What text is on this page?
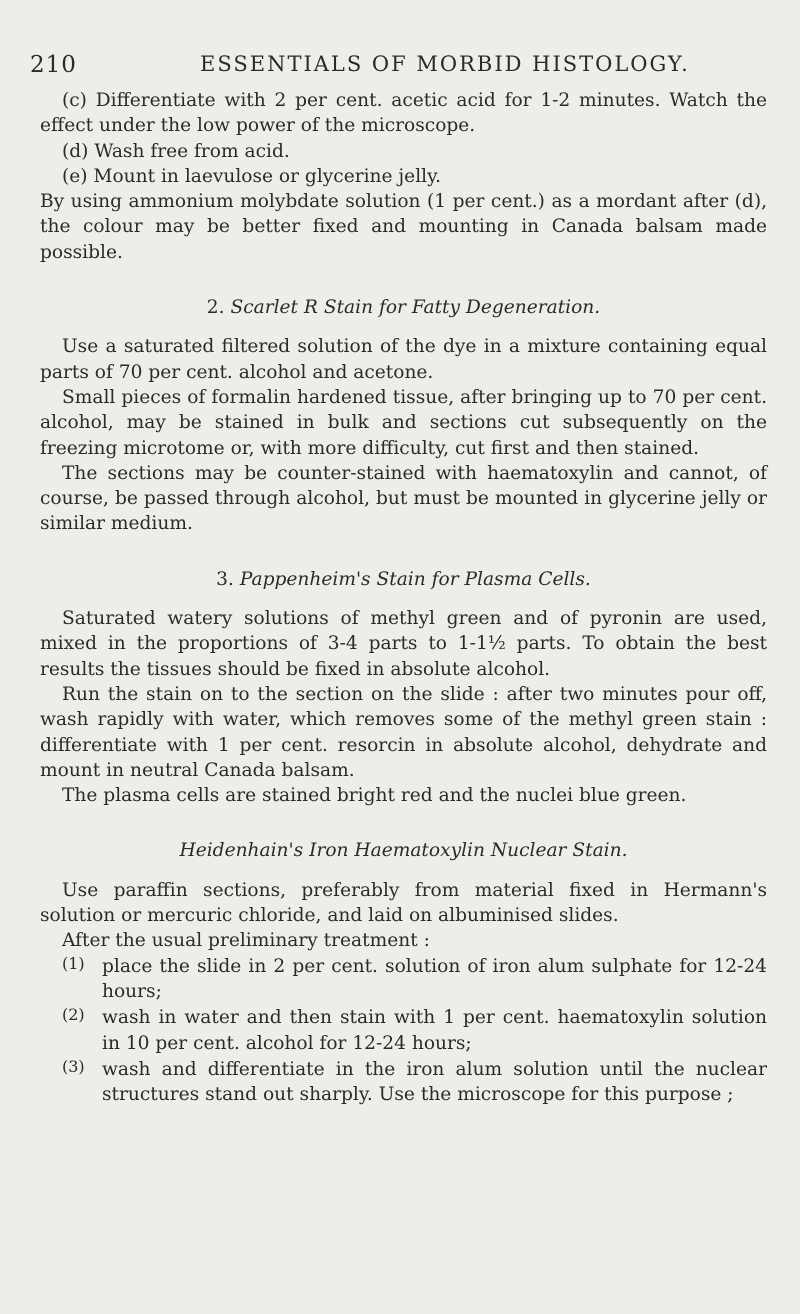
210	ESSENTIALS OF MORBID HISTOLOGY.

(c) Differentiate with 2 per cent. acetic acid for 1-2 minutes. Watch the effect under the low power of the microscope.

(d) Wash free from acid.

(e) Mount in laevulose or glycerine jelly.

By using ammonium molybdate solution (1 per cent.) as a mordant after (d), the colour may be better fixed and mounting in Canada balsam made possible.

2. Scarlet R Stain for Fatty Degeneration.

Use a saturated filtered solution of the dye in a mixture containing equal parts of 70 per cent. alcohol and acetone.

Small pieces of formalin hardened tissue, after bringing up to 70 per cent. alcohol, may be stained in bulk and sections cut subsequently on the freezing microtome or, with more difficulty, cut first and then stained.

The sections may be counter-stained with haematoxylin and cannot, of course, be passed through alcohol, but must be mounted in glycerine jelly or similar medium.

3. Pappenheim's Stain for Plasma Cells.

Saturated watery solutions of methyl green and of pyronin are used, mixed in the proportions of 3-4 parts to 1-1½ parts. To obtain the best results the tissues should be fixed in absolute alcohol.

Run the stain on to the section on the slide : after two minutes pour off, wash rapidly with water, which removes some of the methyl green stain : differentiate with 1 per cent. resorcin in absolute alcohol, dehydrate and mount in neutral Canada balsam.

The plasma cells are stained bright red and the nuclei blue green.

Heidenhain's Iron Haematoxylin Nuclear Stain.

Use paraffin sections, preferably from material fixed in Hermann's solution or mercuric chloride, and laid on albuminised slides.

After the usual preliminary treatment :

(1) place the slide in 2 per cent. solution of iron alum sulphate for 12-24 hours;

(2) wash in water and then stain with 1 per cent. haematoxylin solution in 10 per cent. alcohol for 12-24 hours;

(3) wash and differentiate in the iron alum solution until the nuclear structures stand out sharply. Use the microscope for this purpose ;
